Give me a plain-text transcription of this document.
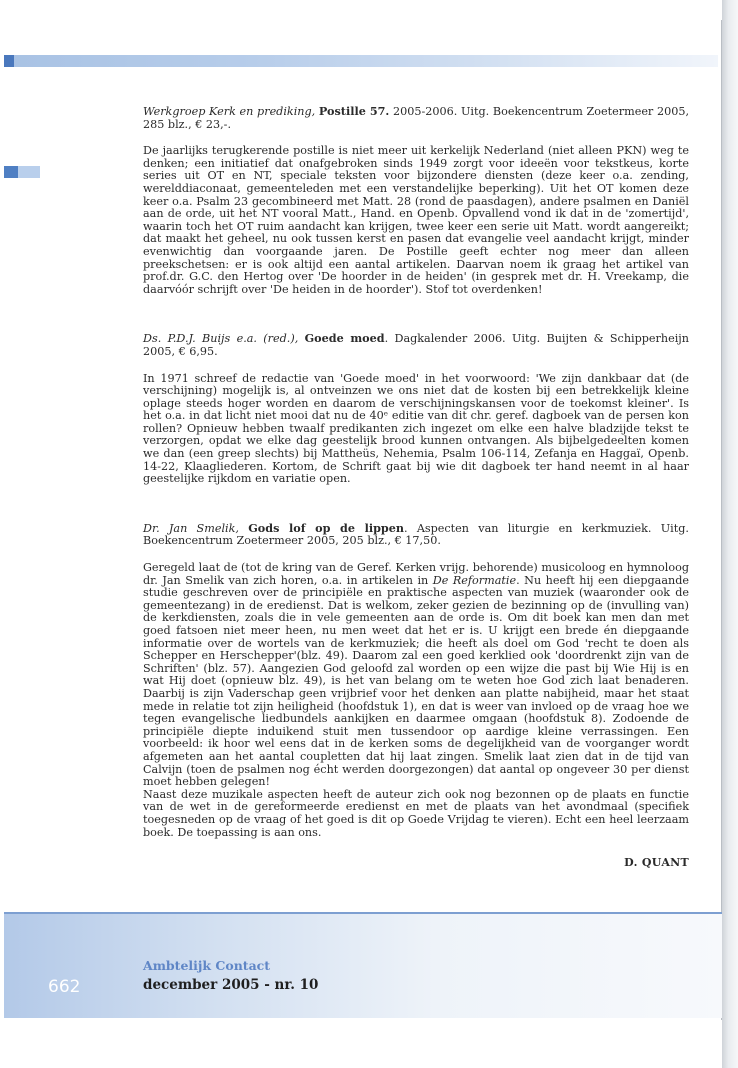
Werkgroep Kerk en prediking, Postille 57. 2005-2006. Uitg. Boekencentrum Zoetermeer 2005, 285 blz., € 23,-.

De jaarlijks terugkerende postille is niet meer uit kerkelijk Nederland (niet alleen PKN) weg te denken; een initiatief dat onafgebroken sinds 1949 zorgt voor ideeën voor tekstkeus, korte series uit OT en NT, speciale teksten voor bijzondere diensten (deze keer o.a. zending, werelddiaconaat, gemeenteleden met een verstandelijke beperking). Uit het OT komen deze keer o.a. Psalm 23 gecombineerd met Matt. 28 (rond de paasdagen), andere psalmen en Daniël aan de orde, uit het NT vooral Matt., Hand. en Openb. Opvallend vond ik dat in de 'zomertijd', waarin toch het OT ruim aandacht kan krijgen, twee keer een serie uit Matt. wordt aangereikt; dat maakt het geheel, nu ook tussen kerst en pasen dat evangelie veel aandacht krijgt, minder evenwichtig dan voorgaande jaren. De Postille geeft echter nog meer dan alleen preekschetsen: er is ook altijd een aantal artikelen. Daarvan noem ik graag het artikel van prof.dr. G.C. den Hertog over 'De hoorder in de heiden' (in gesprek met dr. H. Vreekamp, die daarvóór schrijft over 'De heiden in de hoorder'). Stof tot overdenken!

Ds. P.D.J. Buijs e.a. (red.), Goede moed. Dagkalender 2006. Uitg. Buijten & Schipperheijn 2005, € 6,95.

In 1971 schreef de redactie van 'Goede moed' in het voorwoord: 'We zijn dankbaar dat (de verschijning) mogelijk is, al ontveinzen we ons niet dat de kosten bij een betrekkelijk kleine oplage steeds hoger worden en daarom de verschijningskansen voor de toekomst kleiner'. Is het o.a. in dat licht niet mooi dat nu de 40ᵉ editie van dit chr. geref. dagboek van de persen kon rollen? Opnieuw hebben twaalf predikanten zich ingezet om elke een halve bladzijde tekst te verzorgen, opdat we elke dag geestelijk brood kunnen ontvangen. Als bijbelgedeelten komen we dan (een greep slechts) bij Mattheüs, Nehemia, Psalm 106-114, Zefanja en Haggaï, Openb. 14-22, Klaagliederen. Kortom, de Schrift gaat bij wie dit dagboek ter hand neemt in al haar geestelijke rijkdom en variatie open.

Dr. Jan Smelik, Gods lof op de lippen. Aspecten van liturgie en kerkmuziek. Uitg. Boekencentrum Zoetermeer 2005, 205 blz., € 17,50.

Geregeld laat de (tot de kring van de Geref. Kerken vrijg. behorende) musicoloog en hymnoloog dr. Jan Smelik van zich horen, o.a. in artikelen in De Reformatie. Nu heeft hij een diepgaande studie geschreven over de principiële en praktische aspecten van muziek (waaronder ook de gemeentezang) in de eredienst. Dat is welkom, zeker gezien de bezinning op de (invulling van) de kerkdiensten, zoals die in vele gemeenten aan de orde is. Om dit boek kan men dan met goed fatsoen niet meer heen, nu men weet dat het er is. U krijgt een brede én diepgaande informatie over de wortels van de kerkmuziek; die heeft als doel om God 'recht te doen als Schepper en Herschepper'(blz. 49). Daarom zal een goed kerklied ook 'doordrenkt zijn van de Schriften' (blz. 57). Aangezien God geloofd zal worden op een wijze die past bij Wie Hij is en wat Hij doet (opnieuw blz. 49), is het van belang om te weten hoe God zich laat benaderen. Daarbij is zijn Vaderschap geen vrijbrief voor het denken aan platte nabijheid, maar het staat mede in relatie tot zijn heiligheid (hoofdstuk 1), en dat is weer van invloed op de vraag hoe we tegen evangelische liedbundels aankijken en daarmee omgaan (hoofdstuk 8). Zodoende de principiële diepte induikend stuit men tussendoor op aardige kleine verrassingen. Een voorbeeld: ik hoor wel eens dat in de kerken soms de degelijkheid van de voorganger wordt afgemeten aan het aantal coupletten dat hij laat zingen. Smelik laat zien dat in de tijd van Calvijn (toen de psalmen nog écht werden doorgezongen) dat aantal op ongeveer 30 per dienst moet hebben gelegen!

Naast deze muzikale aspecten heeft de auteur zich ook nog bezonnen op de plaats en functie van de wet in de gereformeerde eredienst en met de plaats van het avondmaal (specifiek toegesneden op de vraag of het goed is dit op Goede Vrijdag te vieren). Echt een heel leerzaam boek. De toepassing is aan ons.

D. QUANT

662
Ambtelijk Contact
december 2005 - nr. 10
